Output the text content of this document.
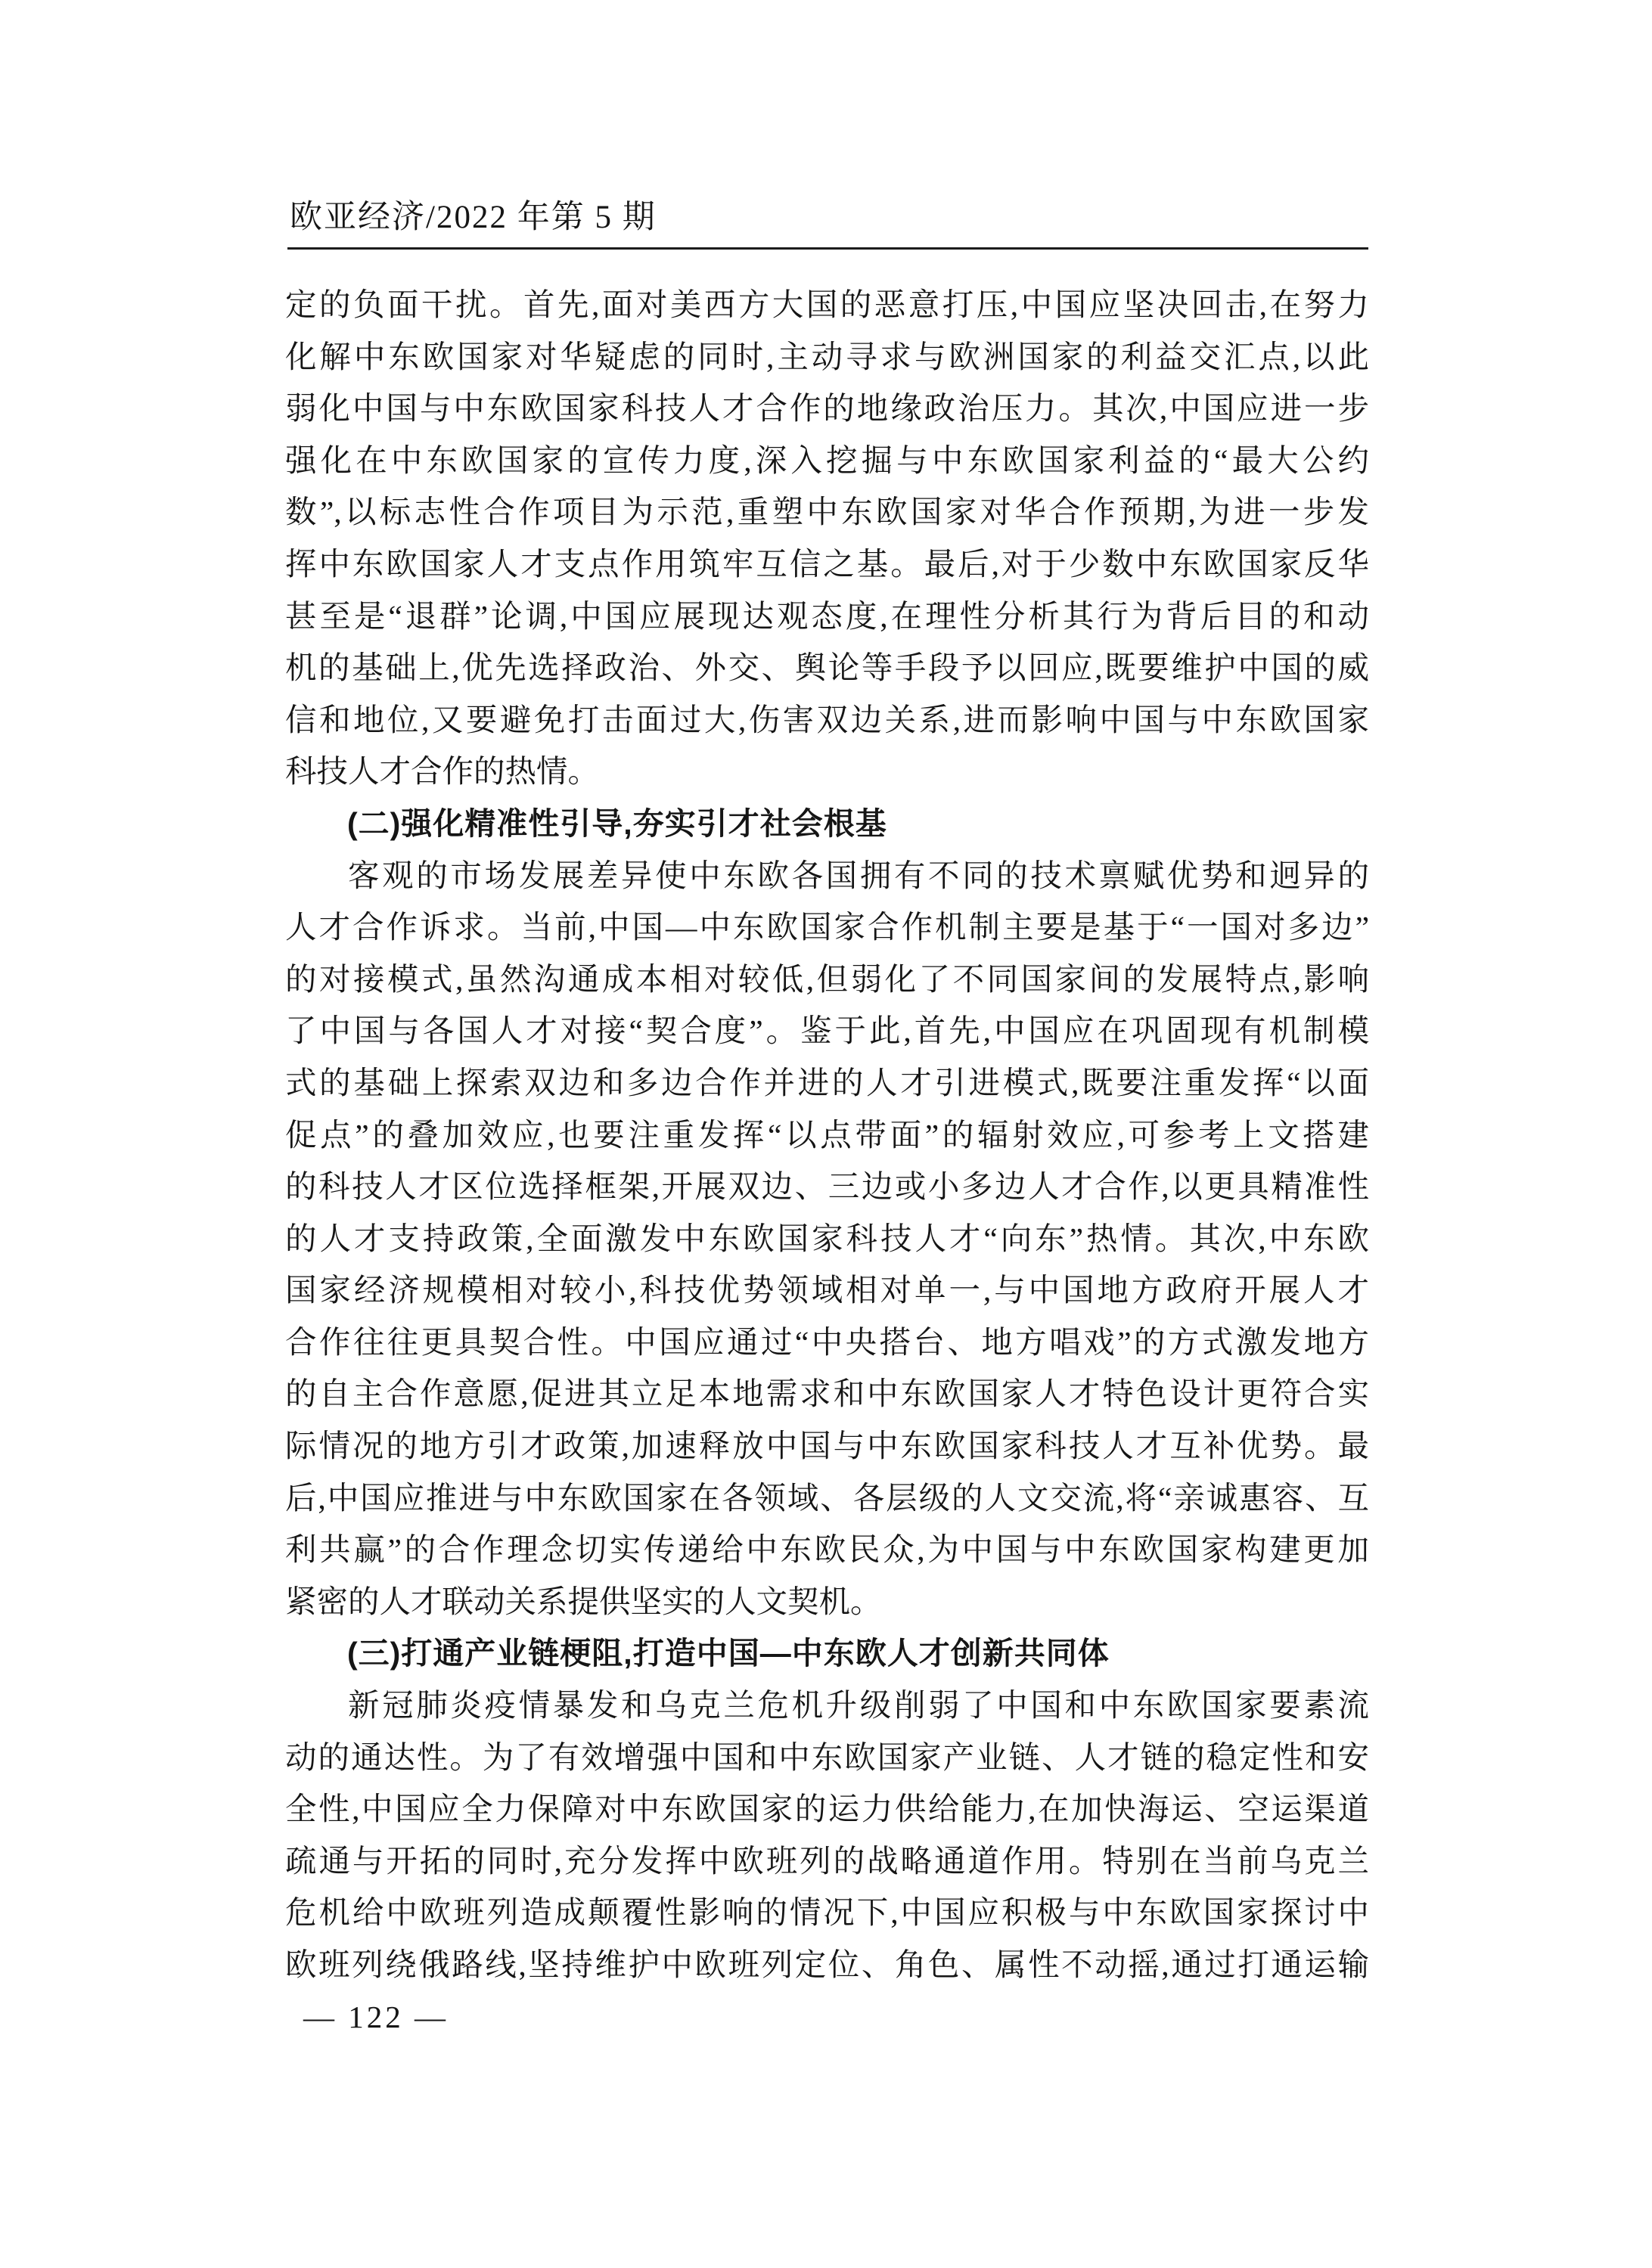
欧亚经济/2022 年第 5 期
定的负面干扰。首先,面对美西方大国的恶意打压,中国应坚决回击,在努力
化解中东欧国家对华疑虑的同时,主动寻求与欧洲国家的利益交汇点,以此
弱化中国与中东欧国家科技人才合作的地缘政治压力。其次,中国应进一步
强化在中东欧国家的宣传力度,深入挖掘与中东欧国家利益的“最大公约
数”,以标志性合作项目为示范,重塑中东欧国家对华合作预期,为进一步发
挥中东欧国家人才支点作用筑牢互信之基。最后,对于少数中东欧国家反华
甚至是“退群”论调,中国应展现达观态度,在理性分析其行为背后目的和动
机的基础上,优先选择政治、外交、舆论等手段予以回应,既要维护中国的威
信和地位,又要避免打击面过大,伤害双边关系,进而影响中国与中东欧国家
科技人才合作的热情。
(二)强化精准性引导,夯实引才社会根基
客观的市场发展差异使中东欧各国拥有不同的技术禀赋优势和迥异的
人才合作诉求。当前,中国—中东欧国家合作机制主要是基于“一国对多边”
的对接模式,虽然沟通成本相对较低,但弱化了不同国家间的发展特点,影响
了中国与各国人才对接“契合度”。鉴于此,首先,中国应在巩固现有机制模
式的基础上探索双边和多边合作并进的人才引进模式,既要注重发挥“以面
促点”的叠加效应,也要注重发挥“以点带面”的辐射效应,可参考上文搭建
的科技人才区位选择框架,开展双边、三边或小多边人才合作,以更具精准性
的人才支持政策,全面激发中东欧国家科技人才“向东”热情。其次,中东欧
国家经济规模相对较小,科技优势领域相对单一,与中国地方政府开展人才
合作往往更具契合性。中国应通过“中央搭台、地方唱戏”的方式激发地方
的自主合作意愿,促进其立足本地需求和中东欧国家人才特色设计更符合实
际情况的地方引才政策,加速释放中国与中东欧国家科技人才互补优势。最
后,中国应推进与中东欧国家在各领域、各层级的人文交流,将“亲诚惠容、互
利共赢”的合作理念切实传递给中东欧民众,为中国与中东欧国家构建更加
紧密的人才联动关系提供坚实的人文契机。
(三)打通产业链梗阻,打造中国—中东欧人才创新共同体
新冠肺炎疫情暴发和乌克兰危机升级削弱了中国和中东欧国家要素流
动的通达性。为了有效增强中国和中东欧国家产业链、人才链的稳定性和安
全性,中国应全力保障对中东欧国家的运力供给能力,在加快海运、空运渠道
疏通与开拓的同时,充分发挥中欧班列的战略通道作用。特别在当前乌克兰
危机给中欧班列造成颠覆性影响的情况下,中国应积极与中东欧国家探讨中
欧班列绕俄路线,坚持维护中欧班列定位、角色、属性不动摇,通过打通运输
— 122 —
